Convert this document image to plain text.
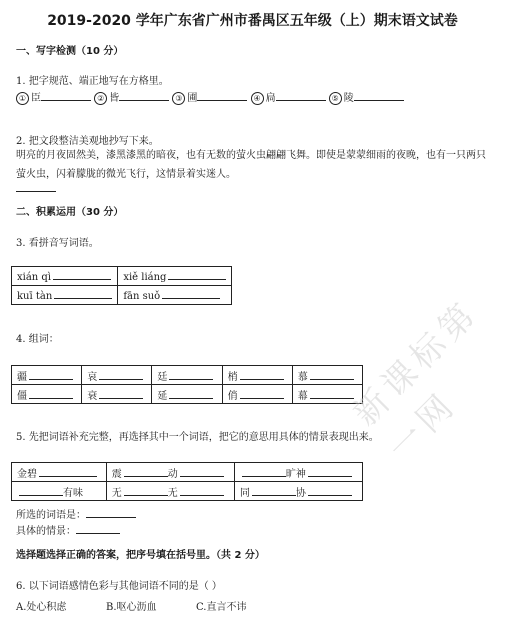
2019-2020 学年广东省广州市番禺区五年级（上）期末语文试卷
一、写字检测（10 分）
1. 把字规范、端正地写在方格里。
① 臣	② 皆	③ 圃	④ 扃	⑤ 陵
2. 把文段整洁美观地抄写下来。
明亮的月夜固然美，漆黑漆黑的暗夜，也有无数的萤火虫翩翩飞舞。即使是蒙蒙细雨的夜晚，也有一只两只
萤火虫，闪着朦胧的微光飞行，这情景着实迷人。
二、积累运用（30 分）
3. 看拼音写词语。
xián qì	xiě liáng
kuī tàn	fān suǒ
4. 组词：
疆	哀	廷	梢	慕
僵	衰	延	俏	幕
5. 先把词语补充完整，再选择其中一个词语，把它的意思用具体的情景表现出来。
金碧	震 动	旷神
有味	无 无	同 协
所选的词语是：
具体的情景：
选择题选择正确的答案，把序号填在括号里。（共 2 分）
6. 以下词语感情色彩与其他词语不同的是（ ）
A.处心积虑	B.呕心沥血	C.直言不讳
新课标第一网
